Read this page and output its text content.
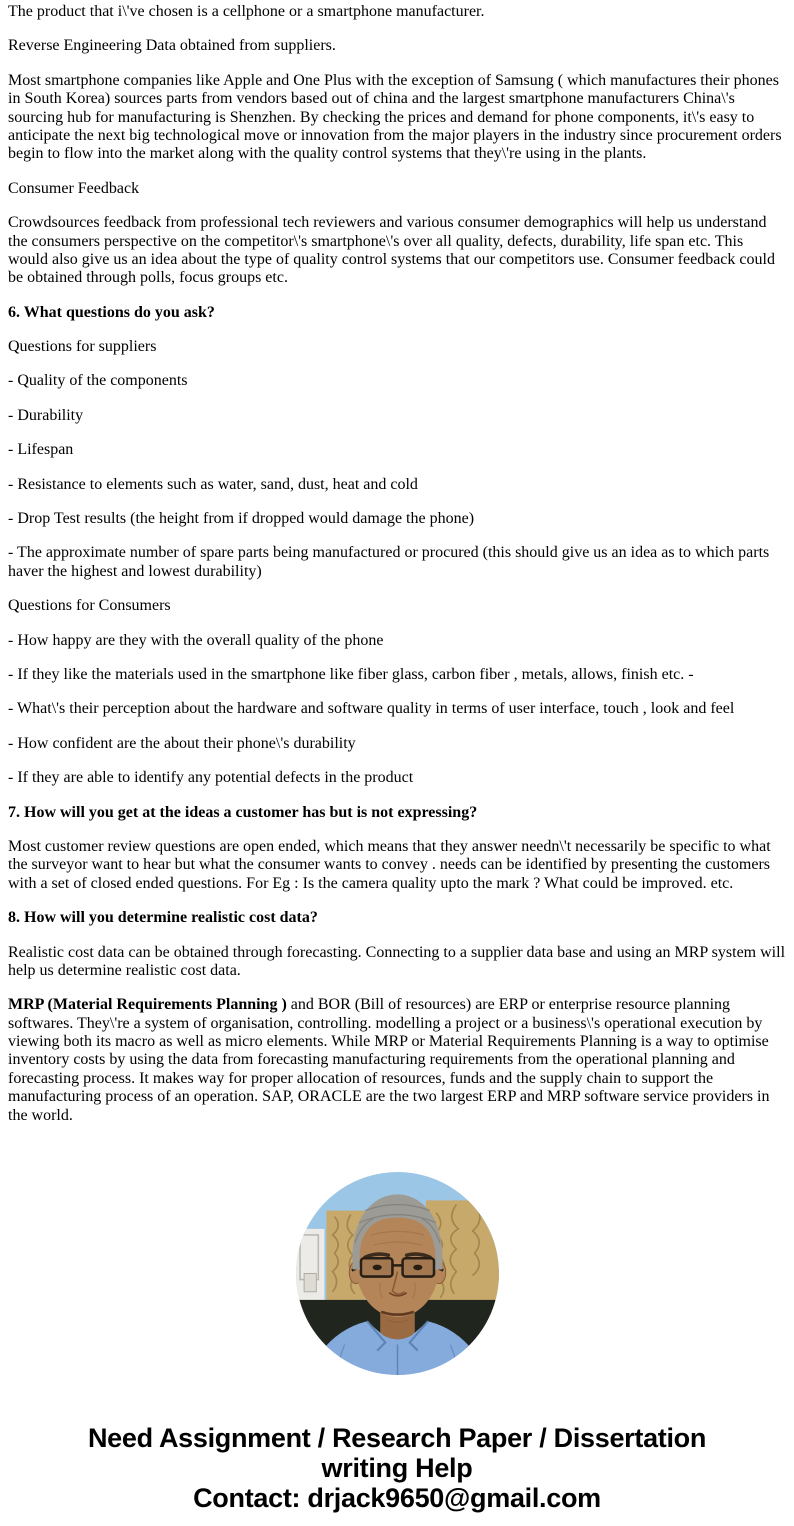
The product that i\'ve chosen is a cellphone or a smartphone manufacturer.

Reverse Engineering Data obtained from suppliers.

Most smartphone companies like Apple and One Plus with the exception of Samsung ( which manufactures their phones in South Korea) sources parts from vendors based out of china and the largest smartphone manufacturers China\'s sourcing hub for manufacturing is Shenzhen. By checking the prices and demand for phone components, it\'s easy to anticipate the next big technological move or innovation from the major players in the industry since procurement orders begin to flow into the market along with the quality control systems that they\'re using in the plants.

Consumer Feedback

Crowdsources feedback from professional tech reviewers and various consumer demographics will help us understand the consumers perspective on the competitor\'s smartphone\'s over all quality, defects, durability, life span etc. This would also give us an idea about the type of quality control systems that our competitors use. Consumer feedback could be obtained through polls, focus groups etc.

6. What questions do you ask?

Questions for suppliers

- Quality of the components

- Durability

- Lifespan

- Resistance to elements such as water, sand, dust, heat and cold

- Drop Test results (the height from if dropped would damage the phone)

- The approximate number of spare parts being manufactured or procured (this should give us an idea as to which parts haver the highest and lowest durability)

Questions for Consumers

- How happy are they with the overall quality of the phone

- If they like the materials used in the smartphone like fiber glass, carbon fiber , metals, allows, finish etc. -

- What\'s their perception about the hardware and software quality in terms of user interface, touch , look and feel

- How confident are the about their phone\'s durability

- If they are able to identify any potential defects in the product

7. How will you get at the ideas a customer has but is not expressing?

Most customer review questions are open ended, which means that they answer needn\'t necessarily be specific to what the surveyor want to hear but what the consumer wants to convey . needs can be identified by presenting the customers with a set of closed ended questions. For Eg : Is the camera quality upto the mark ? What could be improved. etc.

8. How will you determine realistic cost data?

Realistic cost data can be obtained through forecasting. Connecting to a supplier data base and using an MRP system will help us determine realistic cost data.

MRP (Material Requirements Planning ) and BOR (Bill of resources) are ERP or enterprise resource planning softwares. They\'re a system of organisation, controlling. modelling a project or a business\'s operational execution by viewing both its macro as well as micro elements. While MRP or Material Requirements Planning is a way to optimise inventory costs by using the data from forecasting manufacturing requirements from the operational planning and forecasting process. It makes way for proper allocation of resources, funds and the supply chain to support the manufacturing process of an operation. SAP, ORACLE are the two largest ERP and MRP software service providers in the world.

Need Assignment / Research Paper / Dissertation
writing Help
Contact: drjack9650@gmail.com
